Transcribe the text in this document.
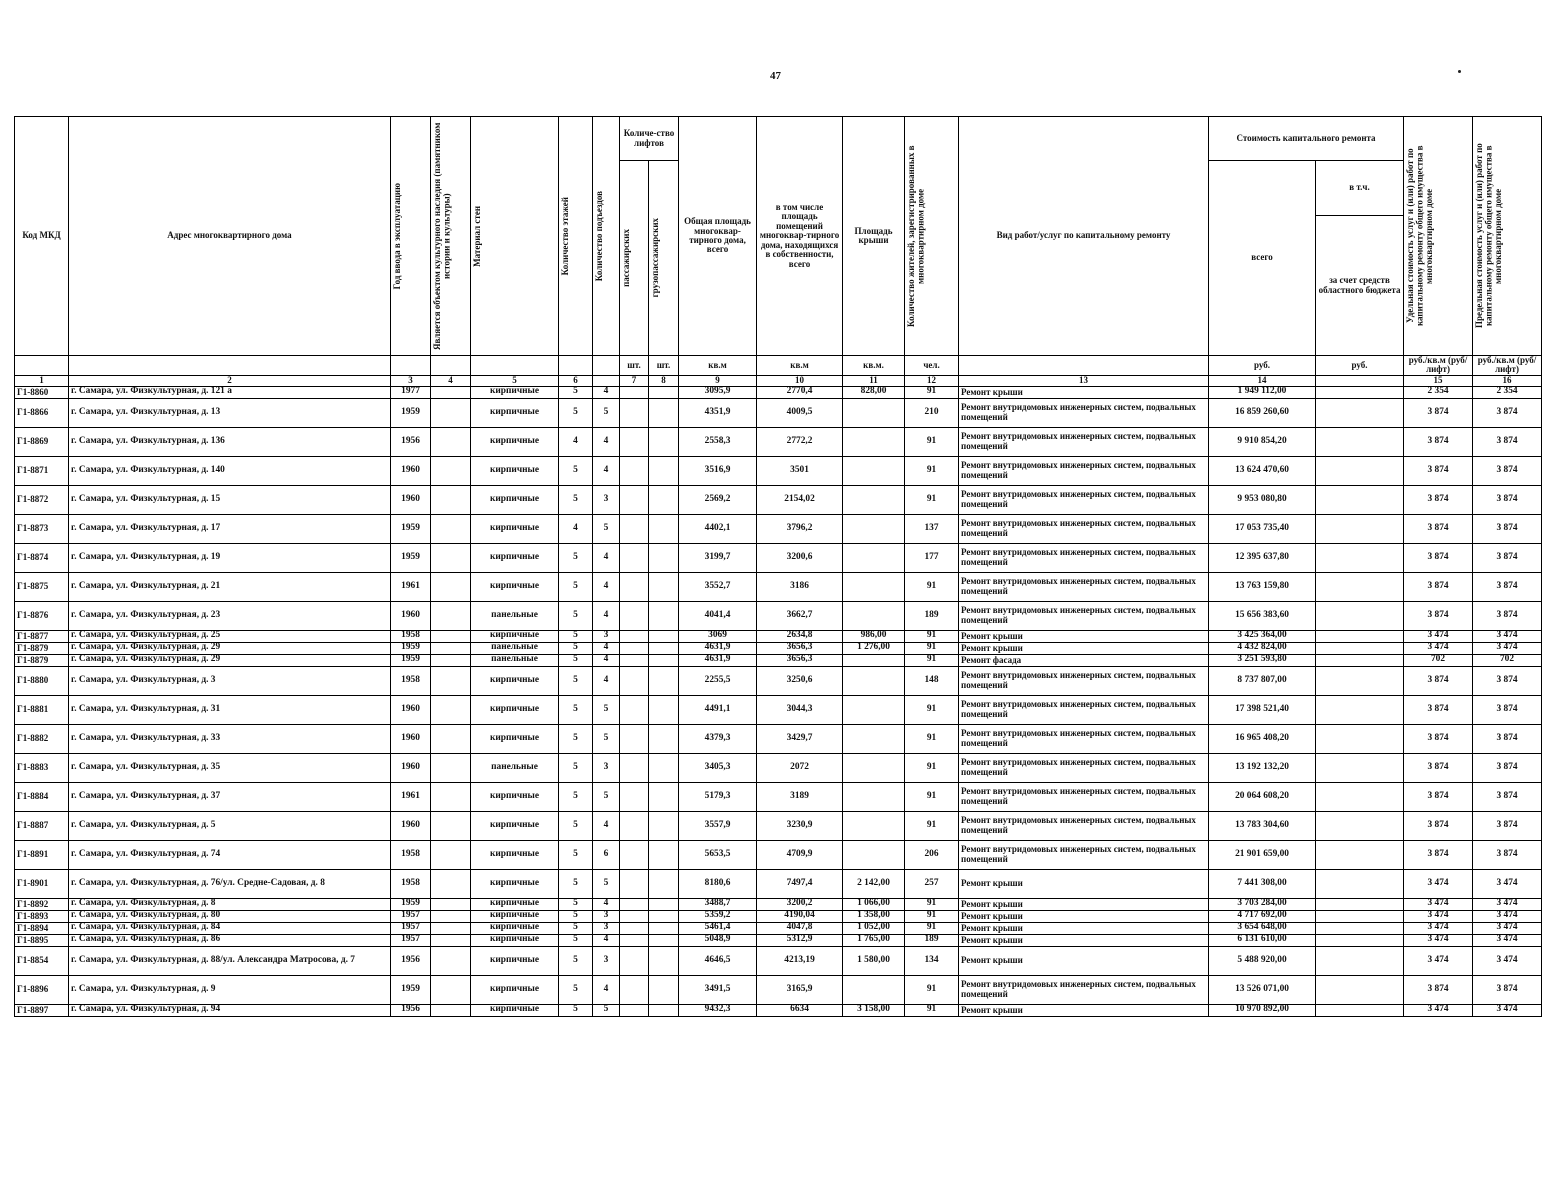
47
Код МКД	Адрес многоквартирного дома	Год ввода в эксплуатацию	Является объектом культурного наследия (памятником истории и культуры)	Материал стен	Количество этажей	Количество подъездов	Количе-ство лифтов		Общая площадь многоквар-тирного дома, всего	в том числе площадь помещений многоквар-тирного дома, находящихся в собственности, всего	Площадь крыши	Количество жителей, зарегистрированных в многоквартирном доме	Вид работ/услуг по капитальному ремонту	Стоимость капитального ремонта		Удельная стоимость услуг и (или) работ по капитальному ремонту общего имущества в многоквартирном доме	Предельная стоимость услуг и (или) работ по капитальному ремонту общего имущества в многоквартирном доме

							пассажирских	грузопассажирских						всего	в т.ч.		
															за счет средств областного бюджета		
							шт.	шт.	кв.м	кв.м	кв.м.	чел.		руб.	руб.	руб./кв.м (руб/лифт)	руб./кв.м (руб/лифт)
1	2	3	4	5	6		7	8	9	10	11	12	13	14		15	16
Г1-8860	г. Самара, ул. Физкультурная, д. 121 а	1977		кирпичные	5	4			3095,9	2770,4	828,00	91	Ремонт крыши	1 949 112,00		2 354	2 354
Г1-8866	г. Самара, ул. Физкультурная, д. 13	1959		кирпичные	5	5			4351,9	4009,5		210	Ремонт внутридомовых инженерных систем, подвальных помещений	16 859 260,60		3 874	3 874
Г1-8869	г. Самара, ул. Физкультурная, д. 136	1956		кирпичные	4	4			2558,3	2772,2		91	Ремонт внутридомовых инженерных систем, подвальных помещений	9 910 854,20		3 874	3 874
Г1-8871	г. Самара, ул. Физкультурная, д. 140	1960		кирпичные	5	4			3516,9	3501		91	Ремонт внутридомовых инженерных систем, подвальных помещений	13 624 470,60		3 874	3 874
Г1-8872	г. Самара, ул. Физкультурная, д. 15	1960		кирпичные	5	3			2569,2	2154,02		91	Ремонт внутридомовых инженерных систем, подвальных помещений	9 953 080,80		3 874	3 874
Г1-8873	г. Самара, ул. Физкультурная, д. 17	1959		кирпичные	4	5			4402,1	3796,2		137	Ремонт внутридомовых инженерных систем, подвальных помещений	17 053 735,40		3 874	3 874
Г1-8874	г. Самара, ул. Физкультурная, д. 19	1959		кирпичные	5	4			3199,7	3200,6		177	Ремонт внутридомовых инженерных систем, подвальных помещений	12 395 637,80		3 874	3 874
Г1-8875	г. Самара, ул. Физкультурная, д. 21	1961		кирпичные	5	4			3552,7	3186		91	Ремонт внутридомовых инженерных систем, подвальных помещений	13 763 159,80		3 874	3 874
Г1-8876	г. Самара, ул. Физкультурная, д. 23	1960		панельные	5	4			4041,4	3662,7		189	Ремонт внутридомовых инженерных систем, подвальных помещений	15 656 383,60		3 874	3 874
Г1-8877	г. Самара, ул. Физкультурная, д. 25	1958		кирпичные	5	3			3069	2634,8	986,00	91	Ремонт крыши	3 425 364,00		3 474	3 474
Г1-8879	г. Самара, ул. Физкультурная, д. 29	1959		панельные	5	4			4631,9	3656,3	1 276,00	91	Ремонт крыши	4 432 824,00		3 474	3 474
Г1-8879	г. Самара, ул. Физкультурная, д. 29	1959		панельные	5	4			4631,9	3656,3		91	Ремонт фасада	3 251 593,80		702	702
Г1-8880	г. Самара, ул. Физкультурная, д. 3	1958		кирпичные	5	4			2255,5	3250,6		148	Ремонт внутридомовых инженерных систем, подвальных помещений	8 737 807,00		3 874	3 874
Г1-8881	г. Самара, ул. Физкультурная, д. 31	1960		кирпичные	5	5			4491,1	3044,3		91	Ремонт внутридомовых инженерных систем, подвальных помещений	17 398 521,40		3 874	3 874
Г1-8882	г. Самара, ул. Физкультурная, д. 33	1960		кирпичные	5	5			4379,3	3429,7		91	Ремонт внутридомовых инженерных систем, подвальных помещений	16 965 408,20		3 874	3 874
Г1-8883	г. Самара, ул. Физкультурная, д. 35	1960		панельные	5	3			3405,3	2072		91	Ремонт внутридомовых инженерных систем, подвальных помещений	13 192 132,20		3 874	3 874
Г1-8884	г. Самара, ул. Физкультурная, д. 37	1961		кирпичные	5	5			5179,3	3189		91	Ремонт внутридомовых инженерных систем, подвальных помещений	20 064 608,20		3 874	3 874
Г1-8887	г. Самара, ул. Физкультурная, д. 5	1960		кирпичные	5	4			3557,9	3230,9		91	Ремонт внутридомовых инженерных систем, подвальных помещений	13 783 304,60		3 874	3 874
Г1-8891	г. Самара, ул. Физкультурная, д. 74	1958		кирпичные	5	6			5653,5	4709,9		206	Ремонт внутридомовых инженерных систем, подвальных помещений	21 901 659,00		3 874	3 874
Г1-8901	г. Самара, ул. Физкультурная, д. 76/ул. Средне-Садовая, д. 8	1958		кирпичные	5	5			8180,6	7497,4	2 142,00	257	Ремонт крыши	7 441 308,00		3 474	3 474
Г1-8892	г. Самара, ул. Физкультурная, д. 8	1959		кирпичные	5	4			3488,7	3200,2	1 066,00	91	Ремонт крыши	3 703 284,00		3 474	3 474
Г1-8893	г. Самара, ул. Физкультурная, д. 80	1957		кирпичные	5	3			5359,2	4190,04	1 358,00	91	Ремонт крыши	4 717 692,00		3 474	3 474
Г1-8894	г. Самара, ул. Физкультурная, д. 84	1957		кирпичные	5	3			5461,4	4047,8	1 052,00	91	Ремонт крыши	3 654 648,00		3 474	3 474
Г1-8895	г. Самара, ул. Физкультурная, д. 86	1957		кирпичные	5	4			5048,9	5312,9	1 765,00	189	Ремонт крыши	6 131 610,00		3 474	3 474
Г1-8854	г. Самара, ул. Физкультурная, д. 88/ул. Александра Матросова, д. 7	1956		кирпичные	5	3			4646,5	4213,19	1 580,00	134	Ремонт крыши	5 488 920,00		3 474	3 474
Г1-8896	г. Самара, ул. Физкультурная, д. 9	1959		кирпичные	5	4			3491,5	3165,9		91	Ремонт внутридомовых инженерных систем, подвальных помещений	13 526 071,00		3 874	3 874
Г1-8897	г. Самара, ул. Физкультурная, д. 94	1956		кирпичные	5	5			9432,3	6634	3 158,00	91	Ремонт крыши	10 970 892,00		3 474	3 474
